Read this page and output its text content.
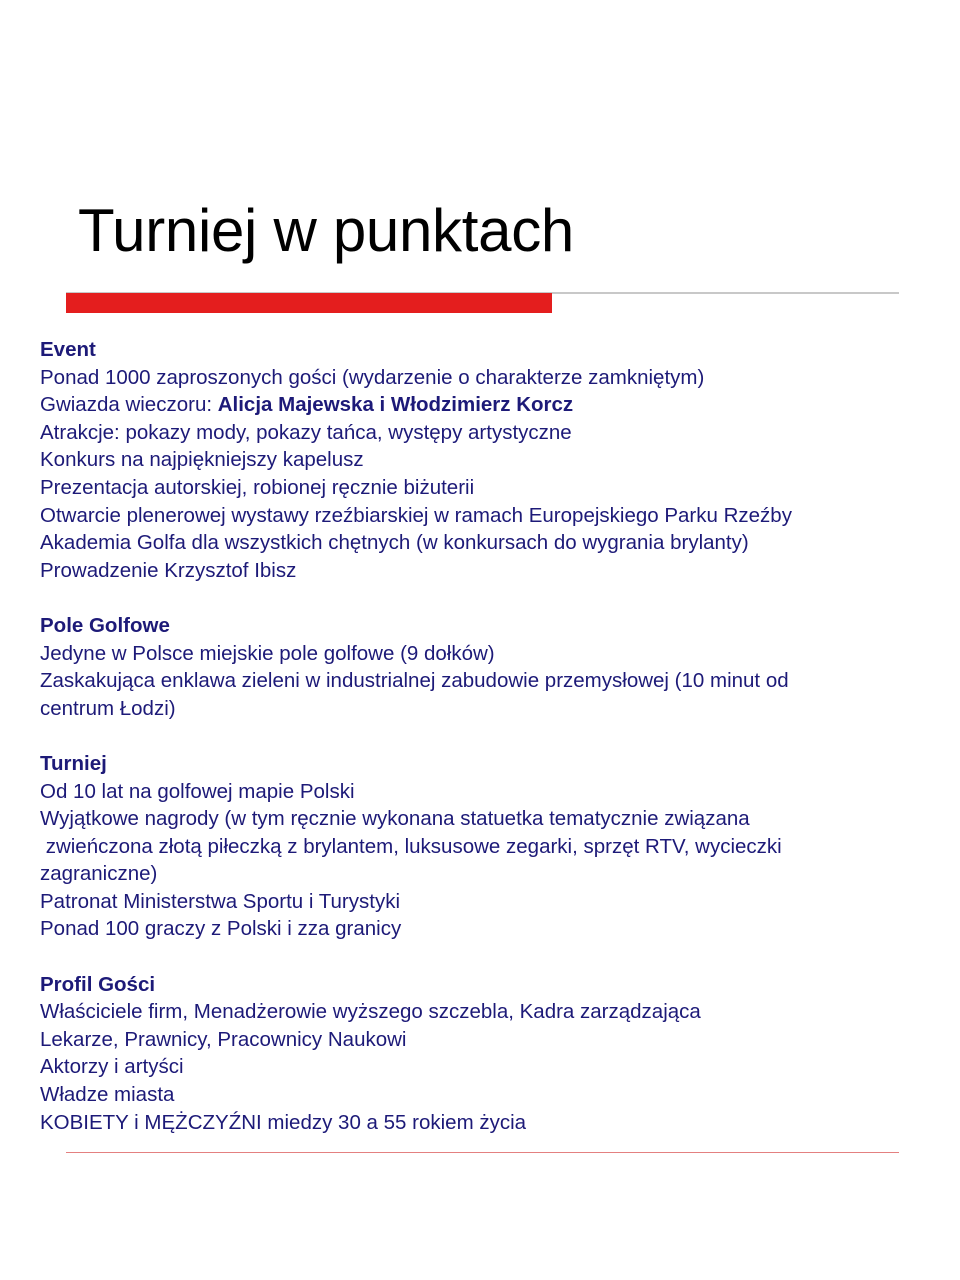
Turniej w punktach
Event
Ponad 1000 zaproszonych gości (wydarzenie o charakterze zamkniętym)
Gwiazda wieczoru: Alicja Majewska i Włodzimierz Korcz
Atrakcje: pokazy mody, pokazy tańca, występy artystyczne
Konkurs na najpiękniejszy kapelusz
Prezentacja autorskiej, robionej ręcznie biżuterii
Otwarcie plenerowej wystawy rzeźbiarskiej w ramach Europejskiego Parku Rzeźby
Akademia Golfa dla wszystkich chętnych (w konkursach do wygrania brylanty)
Prowadzenie Krzysztof Ibisz
Pole Golfowe
Jedyne w Polsce miejskie pole golfowe (9 dołków)
Zaskakująca enklawa zieleni w industrialnej zabudowie przemysłowej (10 minut od
centrum Łodzi)
Turniej
Od 10 lat na golfowej mapie Polski
Wyjątkowe nagrody (w tym ręcznie wykonana statuetka tematycznie związana
zwieńczona złotą piłeczką z brylantem, luksusowe zegarki, sprzęt RTV, wycieczki
zagraniczne)
Patronat Ministerstwa Sportu i Turystyki
Ponad 100 graczy z Polski i zza granicy
Profil Gości
Właściciele firm, Menadżerowie wyższego szczebla, Kadra zarządzająca
Lekarze, Prawnicy, Pracownicy Naukowi
Aktorzy i artyści
Władze miasta
KOBIETY i MĘŻCZYŹNI miedzy 30 a 55 rokiem życia
